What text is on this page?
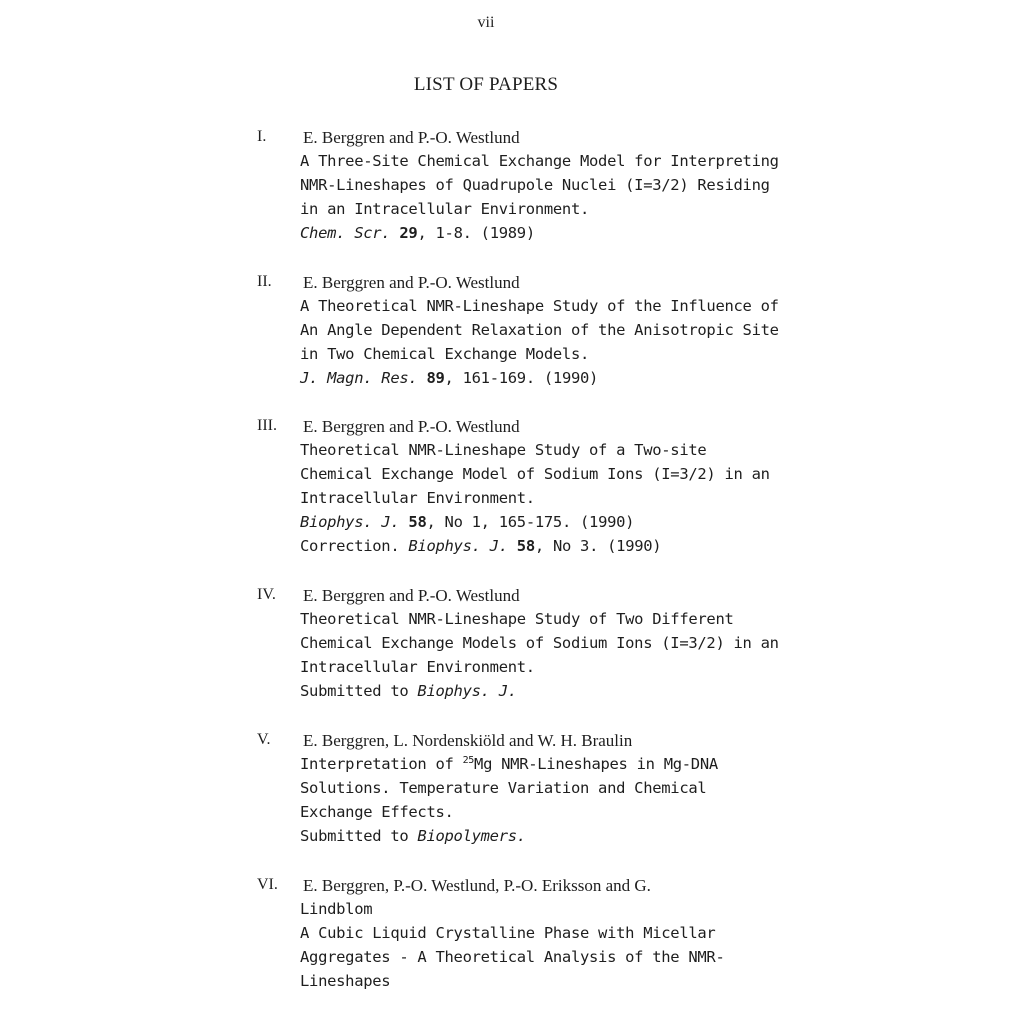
vii
LIST OF PAPERS
I. E. Berggren and P.-O. Westlund
A Three-Site Chemical Exchange Model for Interpreting
NMR-Lineshapes of Quadrupole Nuclei (I=3/2) Residing
in an Intracellular Environment.
Chem. Scr. 29, 1-8. (1989)
II. E. Berggren and P.-O. Westlund
A Theoretical NMR-Lineshape Study of the Influence of
An Angle Dependent Relaxation of the Anisotropic Site
in Two Chemical Exchange Models.
J. Magn. Res. 89, 161-169. (1990)
III. E. Berggren and P.-O. Westlund
Theoretical NMR-Lineshape Study of a Two-site
Chemical Exchange Model of Sodium Ions (I=3/2) in an
Intracellular Environment.
Biophys. J. 58, No 1, 165-175. (1990)
Correction. Biophys. J. 58, No 3. (1990)
IV. E. Berggren and P.-O. Westlund
Theoretical NMR-Lineshape Study of Two Different
Chemical Exchange Models of Sodium Ions (I=3/2) in an
Intracellular Environment.
Submitted to Biophys. J.
V. E. Berggren, L. Nordenskiöld and W. H. Braulin
Interpretation of $^{25}$Mg NMR-Lineshapes in Mg-DNA
Solutions. Temperature Variation and Chemical
Exchange Effects.
Submitted to Biopolymers.
VI. E. Berggren, P.-O. Westlund, P.-O. Eriksson and G.
Lindblom
A Cubic Liquid Crystalline Phase with Micellar
Aggregates - A Theoretical Analysis of the NMR-
Lineshapes
